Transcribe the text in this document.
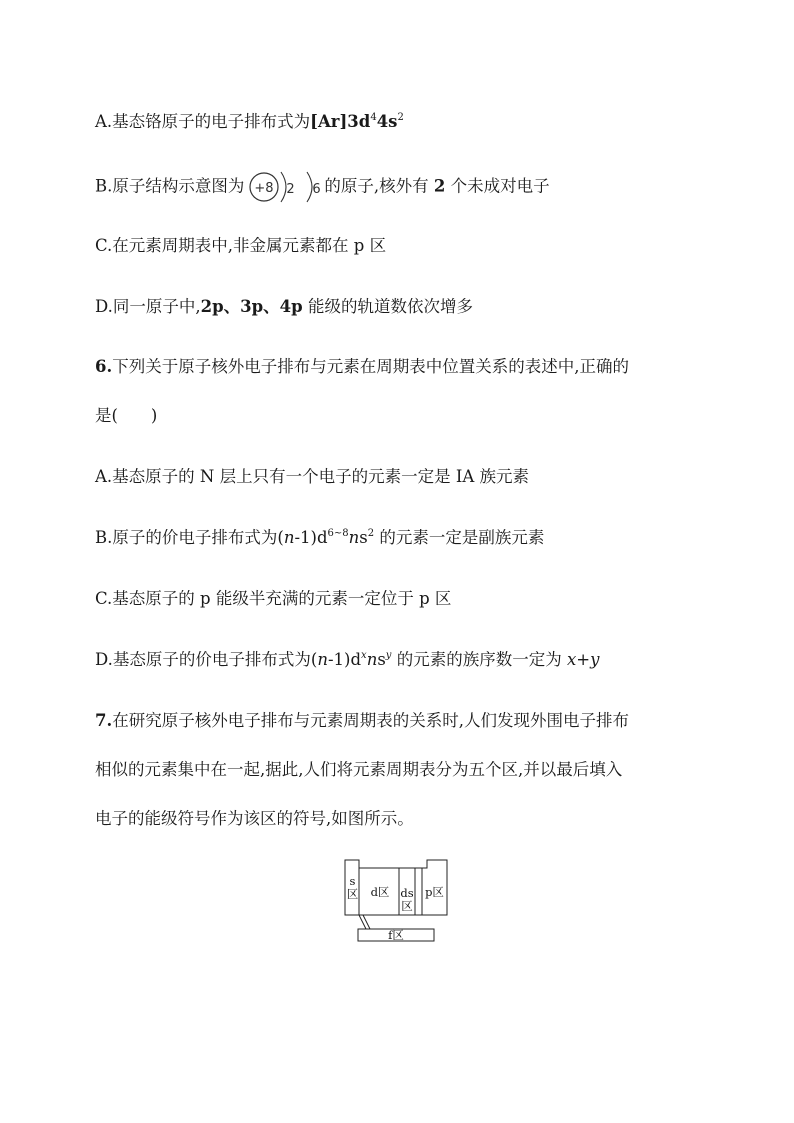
A.基态铬原子的电子排布式为$[Ar]3d^44s^2$
B.原子结构示意图为 +8 2 6 的原子,核外有 2 个未成对电子
C.在元素周期表中,非金属元素都在 p 区
D.同一原子中,2p、3p、4p 能级的轨道数依次增多
6.下列关于原子核外电子排布与元素在周期表中位置关系的表述中,正确的
是(　　)
A.基态原子的 N 层上只有一个电子的元素一定是 ⅠA 族元素
B.原子的价电子排布式为$(n-1)d^{6\sim 8}ns^2$ 的元素一定是副族元素
C.基态原子的 p 能级半充满的元素一定位于 p 区
D.基态原子的价电子排布式为$(n-1)d^xns^y$ 的元素的族序数一定为 x+y
7.在研究原子核外电子排布与元素周期表的关系时,人们发现外围电子排布
相似的元素集中在一起,据此,人们将元素周期表分为五个区,并以最后填入
电子的能级符号作为该区的符号,如图所示。
s
区	d区 ds
区
p区
f区
